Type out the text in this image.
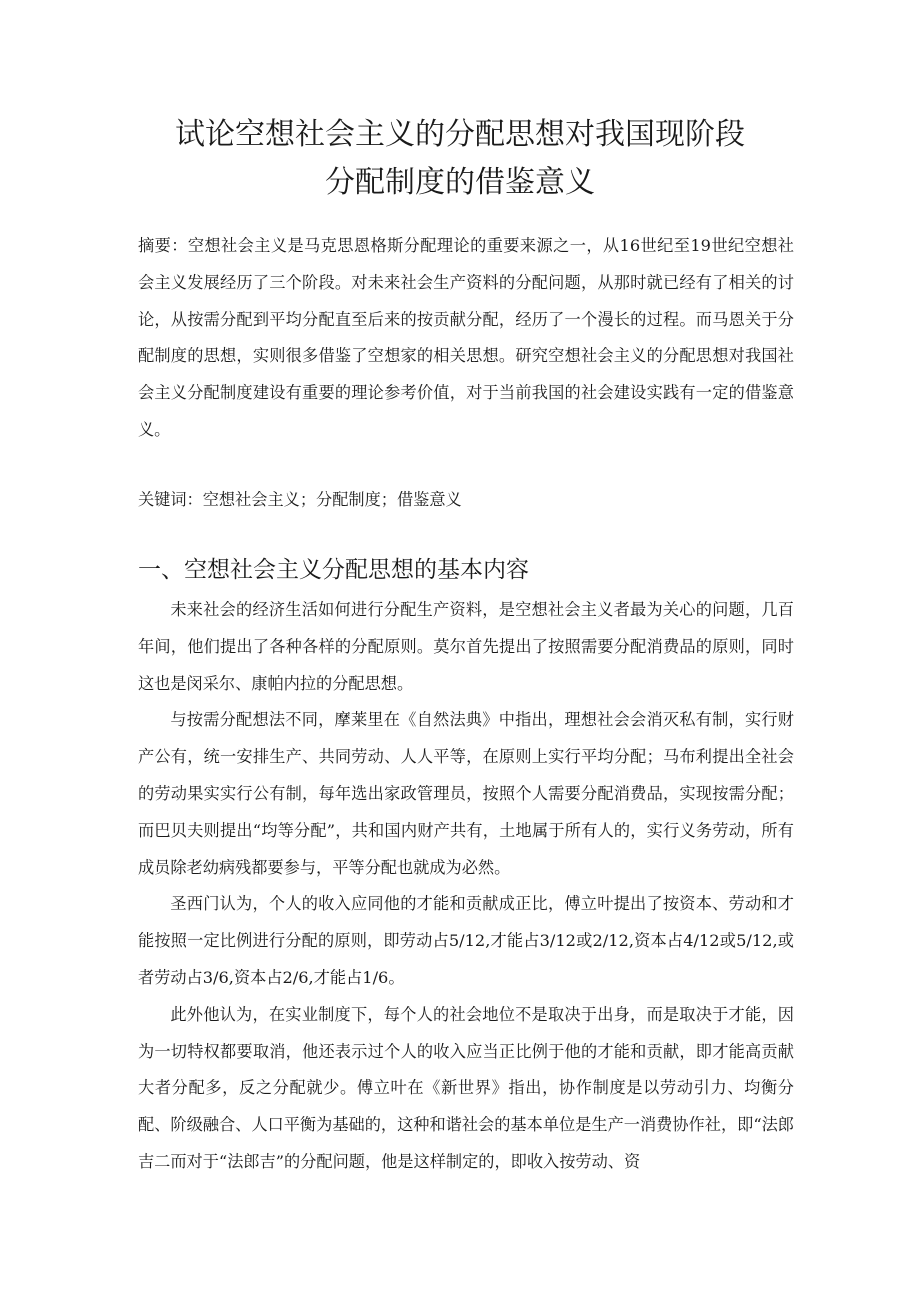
试论空想社会主义的分配思想对我国现阶段
分配制度的借鉴意义
摘要：空想社会主义是马克思恩格斯分配理论的重要来源之一，从16世纪至19世纪空想社会主义发展经历了三个阶段。对未来社会生产资料的分配问题，从那时就已经有了相关的讨论，从按需分配到平均分配直至后来的按贡献分配，经历了一个漫长的过程。而马恩关于分配制度的思想，实则很多借鉴了空想家的相关思想。研究空想社会主义的分配思想对我国社会主义分配制度建设有重要的理论参考价值，对于当前我国的社会建设实践有一定的借鉴意义。
关键词：空想社会主义；分配制度；借鉴意义
一、空想社会主义分配思想的基本内容

未来社会的经济生活如何进行分配生产资料，是空想社会主义者最为关心的问题，几百年间，他们提出了各种各样的分配原则。莫尔首先提出了按照需要分配消费品的原则，同时这也是闵采尔、康帕内拉的分配思想。

与按需分配想法不同，摩莱里在《自然法典》中指出，理想社会会消灭私有制，实行财产公有，统一安排生产、共同劳动、人人平等，在原则上实行平均分配；马布利提出全社会的劳动果实实行公有制，每年选出家政管理员，按照个人需要分配消费品，实现按需分配；而巴贝夫则提出“均等分配”，共和国内财产共有，土地属于所有人的，实行义务劳动，所有成员除老幼病残都要参与，平等分配也就成为必然。

圣西门认为，个人的收入应同他的才能和贡献成正比，傅立叶提出了按资本、劳动和才能按照一定比例进行分配的原则，即劳动占5/12,才能占3/12或2/12,资本占4/12或5/12,或者劳动占3/6,资本占2/6,才能占1/6。

此外他认为，在实业制度下，每个人的社会地位不是取决于出身，而是取决于才能，因为一切特权都要取消，他还表示过个人的收入应当正比例于他的才能和贡献，即才能高贡献大者分配多，反之分配就少。傅立叶在《新世界》指出，协作制度是以劳动引力、均衡分配、阶级融合、人口平衡为基础的，这种和谐社会的基本单位是生产一消费协作社，即“法郎吉二而对于“法郎吉”的分配问题，他是这样制定的，即收入按劳动、资
